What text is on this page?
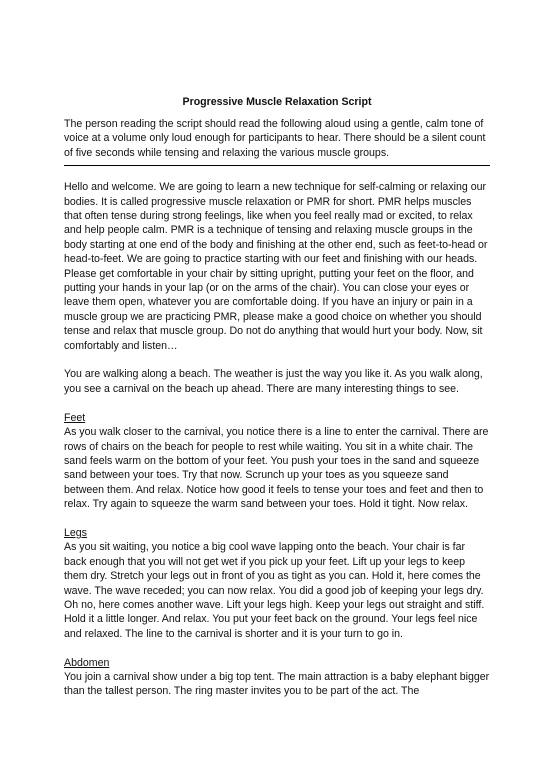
Progressive Muscle Relaxation Script

The person reading the script should read the following aloud using a gentle, calm tone of voice at a volume only loud enough for participants to hear. There should be a silent count of five seconds while tensing and relaxing the various muscle groups.

Hello and welcome. We are going to learn a new technique for self-calming or relaxing our bodies. It is called progressive muscle relaxation or PMR for short. PMR helps muscles that often tense during strong feelings, like when you feel really mad or excited, to relax and help people calm. PMR is a technique of tensing and relaxing muscle groups in the body starting at one end of the body and finishing at the other end, such as feet-to-head or head-to-feet. We are going to practice starting with our feet and finishing with our heads. Please get comfortable in your chair by sitting upright, putting your feet on the floor, and putting your hands in your lap (or on the arms of the chair). You can close your eyes or leave them open, whatever you are comfortable doing. If you have an injury or pain in a muscle group we are practicing PMR, please make a good choice on whether you should tense and relax that muscle group. Do not do anything that would hurt your body. Now, sit comfortably and listen…

You are walking along a beach. The weather is just the way you like it. As you walk along, you see a carnival on the beach up ahead. There are many interesting things to see.

Feet

As you walk closer to the carnival, you notice there is a line to enter the carnival. There are rows of chairs on the beach for people to rest while waiting. You sit in a white chair. The sand feels warm on the bottom of your feet. You push your toes in the sand and squeeze sand between your toes. Try that now. Scrunch up your toes as you squeeze sand between them. And relax. Notice how good it feels to tense your toes and feet and then to relax. Try again to squeeze the warm sand between your toes. Hold it tight. Now relax.

Legs

As you sit waiting, you notice a big cool wave lapping onto the beach. Your chair is far back enough that you will not get wet if you pick up your feet. Lift up your legs to keep them dry. Stretch your legs out in front of you as tight as you can. Hold it, here comes the wave. The wave receded; you can now relax. You did a good job of keeping your legs dry. Oh no, here comes another wave. Lift your legs high. Keep your legs out straight and stiff. Hold it a little longer. And relax. You put your feet back on the ground. Your legs feel nice and relaxed. The line to the carnival is shorter and it is your turn to go in.

Abdomen

You join a carnival show under a big top tent. The main attraction is a baby elephant bigger than the tallest person. The ring master invites you to be part of the act. The
